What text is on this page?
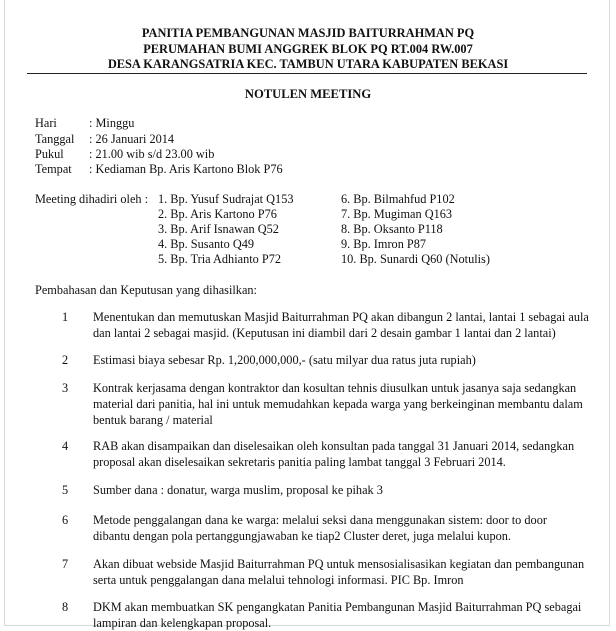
PANITIA PEMBANGUNAN MASJID BAITURRAHMAN PQ
PERUMAHAN BUMI ANGGREK BLOK PQ RT.004 RW.007
DESA KARANGSATRIA KEC. TAMBUN UTARA KABUPATEN BEKASI
NOTULEN MEETING
Hari	: Minggu
Tanggal : 26 Januari 2014
Pukul : 21.00 wib s/d 23.00 wib
Tempat : Kediaman Bp. Aris Kartono Blok P76
Meeting dihadiri oleh : 1. Bp. Yusuf Sudrajat Q153
2. Bp. Aris Kartono P76
3. Bp. Arif Isnawan Q52
4. Bp. Susanto Q49
5. Bp. Tria Adhianto P72
6. Bp. Bilmahfud P102
7. Bp. Mugiman Q163
8. Bp. Oksanto P118
9. Bp. Imron P87
10. Bp. Sunardi Q60 (Notulis)
Pembahasan dan Keputusan yang dihasilkan:
1 Menentukan dan memutuskan Masjid Baiturrahman PQ akan dibangun 2 lantai, lantai 1 sebagai aula
dan lantai 2 sebagai masjid. (Keputusan ini diambil dari 2 desain gambar 1 lantai dan 2 lantai)
2 Estimasi biaya sebesar Rp. 1,200,000,000,- (satu milyar dua ratus juta rupiah)
3 Kontrak kerjasama dengan kontraktor dan kosultan tehnis diusulkan untuk jasanya saja sedangkan
material dari panitia, hal ini untuk memudahkan kepada warga yang berkeinginan membantu dalam
bentuk barang / material
4 RAB akan disampaikan dan diselesaikan oleh konsultan pada tanggal 31 Januari 2014, sedangkan
proposal akan diselesaikan sekretaris panitia paling lambat tanggal 3 Februari 2014.
5 Sumber dana : donatur, warga muslim, proposal ke pihak 3
6 Metode penggalangan dana ke warga: melalui seksi dana menggunakan sistem: door to door
dibantu dengan pola pertanggungjawaban ke tiap2 Cluster deret, juga melalui kupon.
7 Akan dibuat webside Masjid Baiturrahman PQ untuk mensosialisasikan kegiatan dan pembangunan
serta untuk penggalangan dana melalui tehnologi informasi. PIC Bp. Imron
8 DKM akan membuatkan SK pengangkatan Panitia Pembangunan Masjid Baiturrahman PQ sebagai
lampiran dan kelengkapan proposal.
